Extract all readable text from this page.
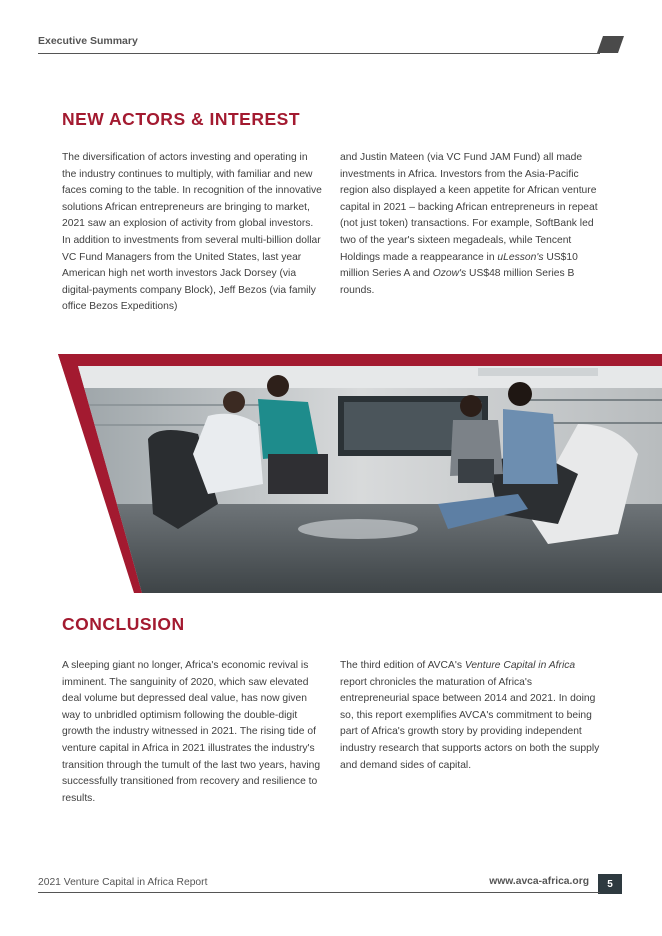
Executive Summary
NEW ACTORS & INTEREST

The diversification of actors investing and operating in the industry continues to multiply, with familiar and new faces coming to the table. In recognition of the innovative solutions African entrepreneurs are bringing to market, 2021 saw an explosion of activity from global investors. In addition to investments from several multi-billion dollar VC Fund Managers from the United States, last year American high net worth investors Jack Dorsey (via digital-payments company Block), Jeff Bezos (via family office Bezos Expeditions)

and Justin Mateen (via VC Fund JAM Fund) all made investments in Africa. Investors from the Asia-Pacific region also displayed a keen appetite for African venture capital in 2021 – backing African entrepreneurs in repeat (not just token) transactions. For example, SoftBank led two of the year's sixteen megadeals, while Tencent Holdings made a reappearance in uLesson's US$10 million Series A and Ozow's US$48 million Series B rounds.

CONCLUSION

A sleeping giant no longer, Africa's economic revival is imminent. The sanguinity of 2020, which saw elevated deal volume but depressed deal value, has now given way to unbridled optimism following the double-digit growth the industry witnessed in 2021. The rising tide of venture capital in Africa in 2021 illustrates the industry's transition through the tumult of the last two years, having successfully transitioned from recovery and resilience to results.

The third edition of AVCA's Venture Capital in Africa report chronicles the maturation of Africa's entrepreneurial space between 2014 and 2021. In doing so, this report exemplifies AVCA's commitment to being part of Africa's growth story by providing independent industry research that supports actors on both the supply and demand sides of capital.

2021 Venture Capital in Africa Report	www.avca-africa.org	5
